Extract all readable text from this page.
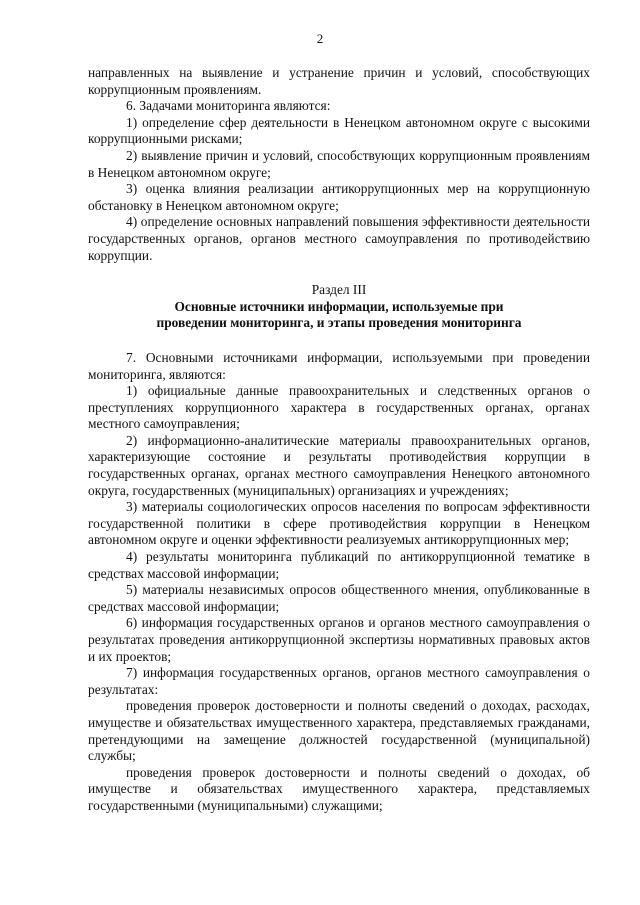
2

направленных на выявление и устранение причин и условий, способствующих коррупционным проявлениям.

6. Задачами мониторинга являются:

1) определение сфер деятельности в Ненецком автономном округе с высокими коррупционными рисками;

2) выявление причин и условий, способствующих коррупционным проявлениям в Ненецком автономном округе;

3) оценка влияния реализации антикоррупционных мер на коррупционную обстановку в Ненецком автономном округе;

4) определение основных направлений повышения эффективности деятельности государственных органов, органов местного самоуправления по противодействию коррупции.

Раздел III
Основные источники информации, используемые при
проведении мониторинга, и этапы проведения мониторинга

7. Основными источниками информации, используемыми при проведении мониторинга, являются:

1) официальные данные правоохранительных и следственных органов о преступлениях коррупционного характера в государственных органах, органах местного самоуправления;

2) информационно-аналитические материалы правоохранительных органов, характеризующие состояние и результаты противодействия коррупции в государственных органах, органах местного самоуправления Ненецкого автономного округа, государственных (муниципальных) организациях и учреждениях;

3) материалы социологических опросов населения по вопросам эффективности государственной политики в сфере противодействия коррупции в Ненецком автономном округе и оценки эффективности реализуемых антикоррупционных мер;

4) результаты мониторинга публикаций по антикоррупционной тематике в средствах массовой информации;

5) материалы независимых опросов общественного мнения, опубликованные в средствах массовой информации;

6) информация государственных органов и органов местного самоуправления о результатах проведения антикоррупционной экспертизы нормативных правовых актов и их проектов;

7) информация государственных органов, органов местного самоуправления о результатах:

проведения проверок достоверности и полноты сведений о доходах, расходах, имуществе и обязательствах имущественного характера, представляемых гражданами, претендующими на замещение должностей государственной (муниципальной) службы;

проведения проверок достоверности и полноты сведений о доходах, об имуществе и обязательствах имущественного характера, представляемых государственными (муниципальными) служащими;
